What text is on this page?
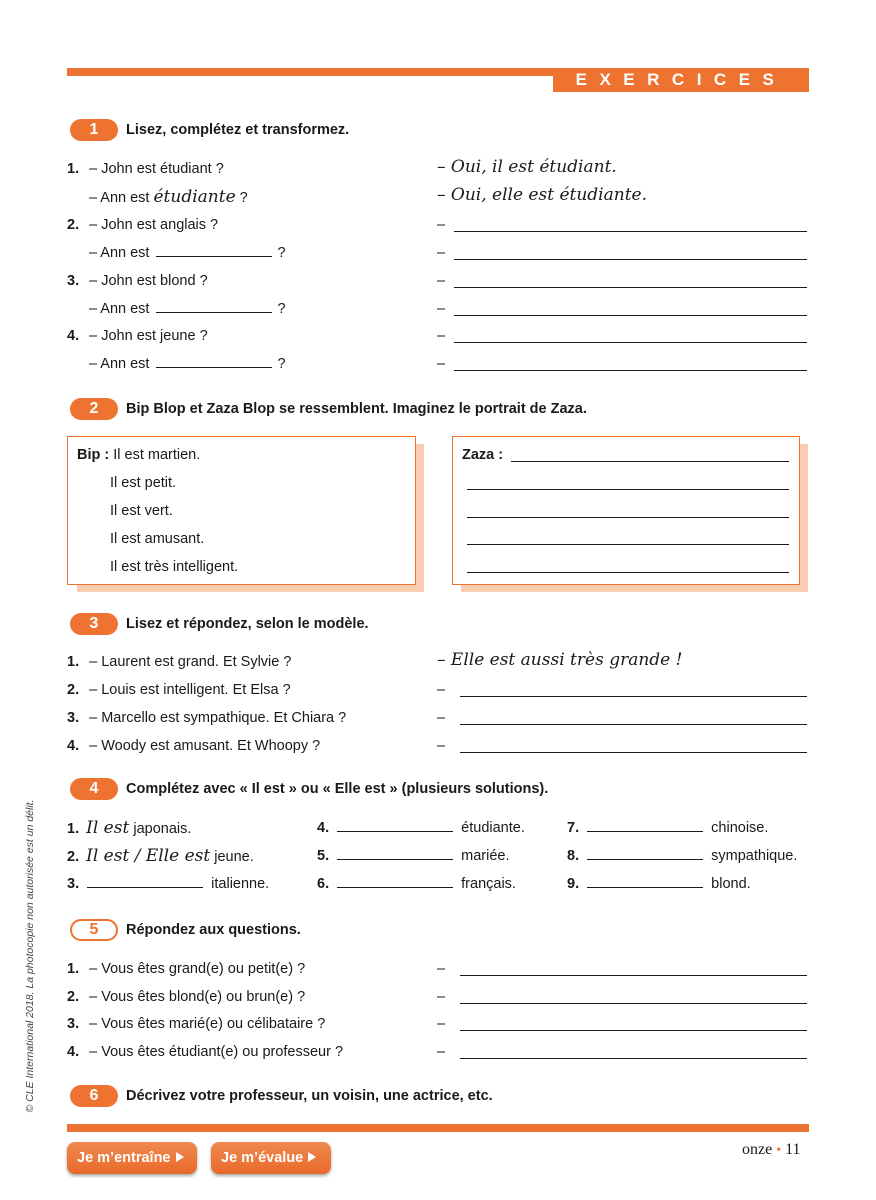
EXERCICES
1	Lisez, complétez et transformez.
1. – John est étudiant ?	– Oui, il est étudiant.
– Ann est étudiante ?	– Oui, elle est étudiante.
2. – John est anglais ?	–
– Ann est	?	–
3. – John est blond ?	–
– Ann est	?	–
4. – John est jeune ?	–
– Ann est	?	–
2	Bip Blop et Zaza Blop se ressemblent. Imaginez le portrait de Zaza.
Bip : Il est martien.
Il est petit.
Il est vert.
Il est amusant.
Il est très intelligent.
Zaza :
3	Lisez et répondez, selon le modèle.
1. – Laurent est grand. Et Sylvie ?	– Elle est aussi très grande !
2. – Louis est intelligent. Et Elsa ?	–
3. – Marcello est sympathique. Et Chiara ?	–
4. – Woody est amusant. Et Whoopy ?	–
4	Complétez avec « Il est » ou « Elle est » (plusieurs solutions).
1. Il est japonais.
2. Il est / Elle est jeune.
3.	italienne.
4.	étudiante.
5.	mariée.
6.	français.
7.	chinoise.
8.	sympathique.
9.	blond.
5	Répondez aux questions.
1. – Vous êtes grand(e) ou petit(e) ?	–
2. – Vous êtes blond(e) ou brun(e) ?	–
3. – Vous êtes marié(e) ou célibataire ?	–
4. – Vous êtes étudiant(e) ou professeur ?	–
6	Décrivez votre professeur, un voisin, une actrice, etc.
Je m’entraîne	Je m’évalue	onze • 11
© CLE International 2018. La photocopie non autorisée est un délit.
